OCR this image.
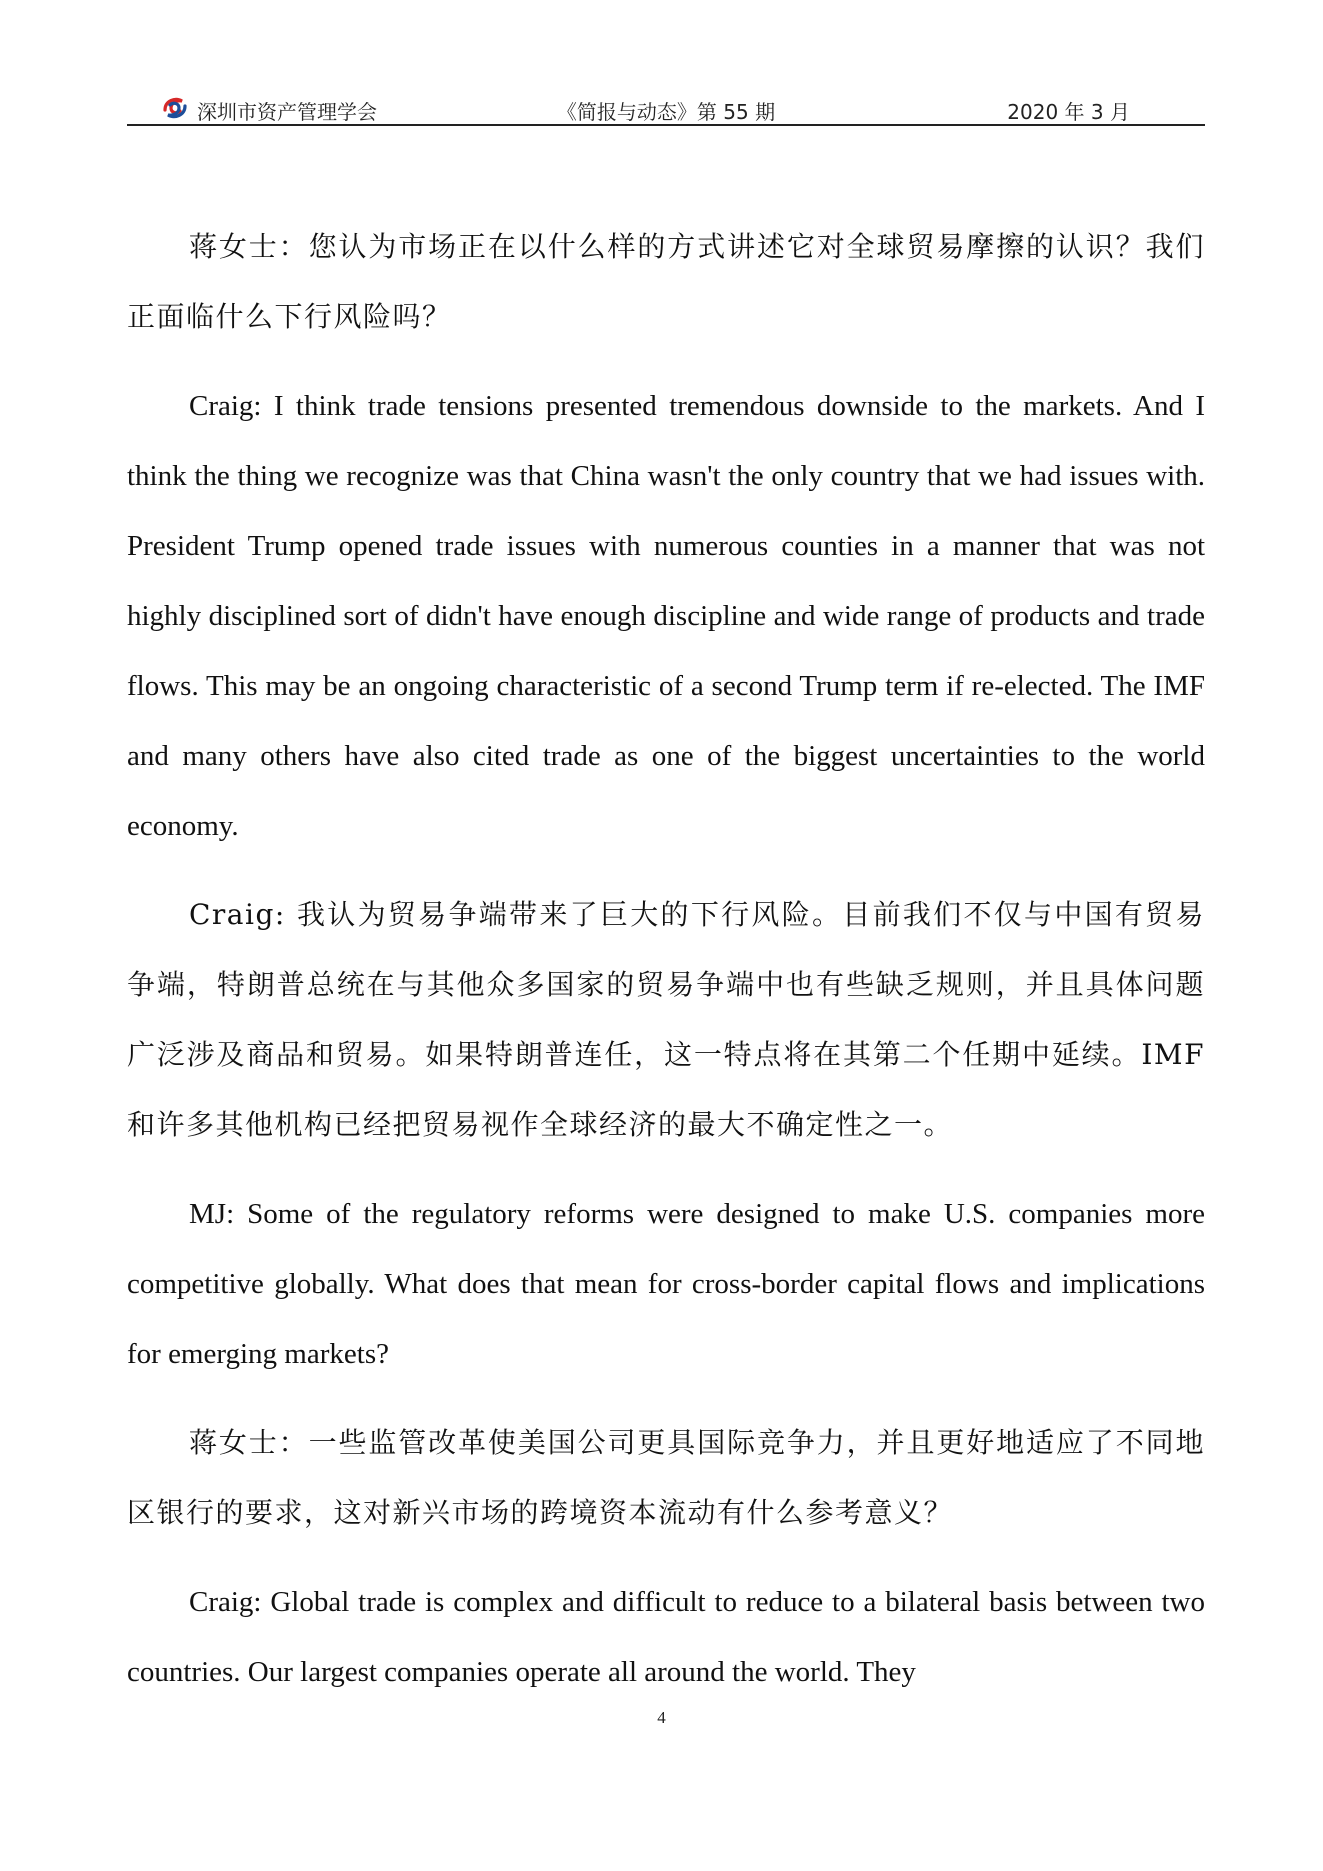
深圳市资产管理学会	《简报与动态》第 55 期	2020 年 3 月

蒋女士：您认为市场正在以什么样的方式讲述它对全球贸易摩擦的认识？我们正面临什么下行风险吗？

Craig: I think trade tensions presented tremendous downside to the markets. And I think the thing we recognize was that China wasn't the only country that we had issues with. President Trump opened trade issues with numerous counties in a manner that was not highly disciplined sort of didn't have enough discipline and wide range of products and trade flows. This may be an ongoing characteristic of a second Trump term if re-elected. The IMF and many others have also cited trade as one of the biggest uncertainties to the world economy.

Craig: 我认为贸易争端带来了巨大的下行风险。目前我们不仅与中国有贸易争端，特朗普总统在与其他众多国家的贸易争端中也有些缺乏规则，并且具体问题广泛涉及商品和贸易。如果特朗普连任，这一特点将在其第二个任期中延续。IMF 和许多其他机构已经把贸易视作全球经济的最大不确定性之一。

MJ: Some of the regulatory reforms were designed to make U.S. companies more competitive globally. What does that mean for cross-border capital flows and implications for emerging markets?

蒋女士：一些监管改革使美国公司更具国际竞争力，并且更好地适应了不同地区银行的要求，这对新兴市场的跨境资本流动有什么参考意义？

Craig: Global trade is complex and difficult to reduce to a bilateral basis between two countries. Our largest companies operate all around the world. They

4
